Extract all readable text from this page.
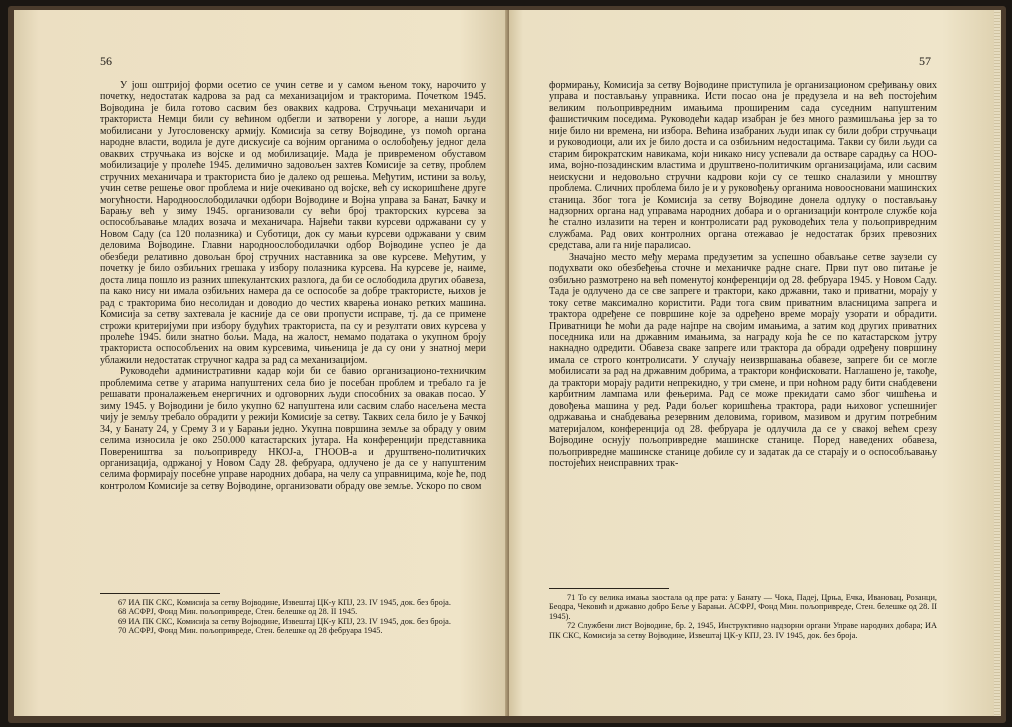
56

У још оштријој форми осетио се учин сетве и у самом њеном току, нарочито у почетку, недостатак кадрова за рад са механизацијом и тракторима. Почетком 1945. Војводина је била готово сасвим без оваквих кадрова. Стручњаци механичари и тракториста Немци били су већином одбегли и затворени у логоре, а наши људи мобилисани у Југословенску армију. Комисија за сетву Војводине, уз помоћ органа народне власти, водила је дуге дискусије са војним органима о ослобођењу једног дела оваквих стручњака из војске и од мобилизације. Мада је привременом обуставом мобилизације у пролеће 1945. делимично задовољен захтев Комисије за сетву, проблем стручних механичара и тракториста био је далеко од решења. Међутим, истини за вољу, учин сетве решење овог проблема и није очекивано од војске, већ су искоришћене друге могућности. Народноослободилачки одбори Војводине и Војна управа за Банат, Бачку и Барању већ у зиму 1945. организовали су већи број тракторских курсева за оспособљавање младих возача и механичара. Највећи такви курсеви одржавани су у Новом Саду (са 120 полазника) и Суботици, док су мањи курсеви одржавани у свим деловима Војводине. Главни народноослободилачки одбор Војводине успео је да обезбеди релативно довољан број стручних наставника за ове курсеве. Међутим, у почетку је било озбиљних грешака у избору полазника курсева. На курсеве је, наиме, доста лица пошло из разних шпекулантских разлога, да би се ослободила других обавеза, па како нису ни имала озбиљних намера да се оспособе за добре трактористе, њихов је рад с тракторима био несолидан и доводио до честих кварења ионако ретких машина. Комисија за сетву захтевала је касније да се ови пропусти исправе, тј. да се примене строжи критеријуми при избору будућих тракториста, па су и резултати ових курсева у пролеће 1945. били знатно бољи. Мада, на жалост, немамо података о укупном броју тракториста оспособљених на овим курсевима, чињеница је да су они у знатној мери ублажили недостатак стручног кадра за рад са механизацијом.

Руководећи административни кадар који би се бавио организационо-техничким проблемима сетве у атарима напуштених села био је посебан проблем и требало га је решавати проналажењем енергичних и одговорних људи способних за овакав посао. У зиму 1945. у Војводини је било укупно 62 напуштена или сасвим слабо насељена места чију је земљу требало обрадити у режији Комисије за сетву. Таквих села било је у Бачкој 34, у Банату 24, у Срему 3 и у Барањи једно. Укупна површина земље за обраду у овим селима износила је око 250.000 катастарских јутара. На конференцији представника Повереништва за пољопривреду НКОЈ-а, ГНООВ-а и друштвено-политичких организација, одржаној у Новом Саду 28. фебруара, одлучено је да се у напуштеним селима формирају посебне управе народних добара, на челу са управницима, које ће, под контролом Комисије за сетву Војводине, организовати обраду ове земље. Ускоро по свом

67 ИА ПК СКС, Комисија за сетву Војводине, Извештај ЦК-у КПЈ, 23. IV 1945, док. без броја.

68 АСФРЈ, Фонд Мин. пољопривреде, Стен. белешке од 28. II 1945.

69 ИА ПК СКС, Комисија за сетву Војводине, Извештај ЦК-у КПЈ, 23. IV 1945, док. без броја.

70 АСФРЈ, Фонд Мин. пољопривреде, Стен. белешке од 28 фебруара 1945.

57

формирању, Комисија за сетву Војводине приступила је организационом сређивању ових управа и постављању управника. Исти посао она је предузела и на већ постојећим великим пољопривредним имањима проширеним сада суседним напуштеним фашистичким поседима. Руководећи кадар изабран је без много размишљања јер за то није било ни времена, ни избора. Већина изабраних људи ипак су били добри стручњаци и руководиоци, али их је било доста и са озбиљним недостацима. Такви су били људи са старим бирократским навикама, који никако нису успевали да остваре сарадњу са НОО-има, војно-позадинским властима и друштвено-политичким организацијама, или сасвим неискусни и недовољно стручни кадрови који су се тешко сналазили у мноштву проблема. Сличних проблема било је и у руковођењу органима новоосновани машинских станица. Због тога је Комисија за сетву Војводине донела одлуку о постављању надзорних органа над управама народних добара и о организацији контроле службе која ће стално излазити на терен и контролисати рад руководећих тела у пољопривредним службама. Рад ових контролних органа отежавао је недостатак брзих превозних средстава, али га није паралисао.

Значајно место међу мерама предузетим за успешно обављање сетве заузели су подухвати око обезбеђења сточне и механичке радне снаге. Први пут ово питање је озбиљно размотрено на већ поменутој конференцији од 28. фебруара 1945. у Новом Саду. Тада је одлучено да се све запреге и трактори, како државни, тако и приватни, морају у току сетве максимално користити. Ради тога свим приватним власницима запрега и трактора одређене се површине које за одређено време морају узорати и обрадити. Приватници ће моћи да раде најпре на својим имањима, а затим код других приватних поседника или на државним имањима, за награду која ће се по катастарском јутру накнадно одредити. Обавеза сваке запреге или трактора да обради одређену површину имала се строго контролисати. У случају неизвршавања обавезе, запреге би се могле мобилисати за рад на државним добрима, а трактори конфисковати. Наглашено је, такође, да трактори морају радити непрекидно, у три смене, и при ноћном раду бити снабдевени карбитним лампама или фењерима. Рад се може прекидати само због чишћења и довођења машина у ред. Ради бољег коришћења трактора, ради њиховог успешнијег одржавања и снабдевања резервним деловима, горивом, мазивом и другим потребним материјалом, конференција од 28. фебруара је одлучила да се у свакој већем срезу Војводине оснују пољопривредне машинске станице. Поред наведених обавеза, пољопривредне машинске станице добиле су и задатак да се старају и о оспособљавању постојећих неисправних трак-

71 То су велика имања заостала од пре рата: у Банату — Чока, Падеј, Црња, Ечка, Ивановац, Розанци, Беодра, Чековић и државно добро Беље у Барањи. АСФРЈ, Фонд Мин. пољопривреде, Стен. белешке од 28. II 1945).

72 Службени лист Војводине, бр. 2, 1945, Инструктивно надзорни органи Управе народних добара; ИА ПК СКС, Комисија за сетву Војводине, Извештај ЦК-у КПЈ, 23. IV 1945, док. без броја.
